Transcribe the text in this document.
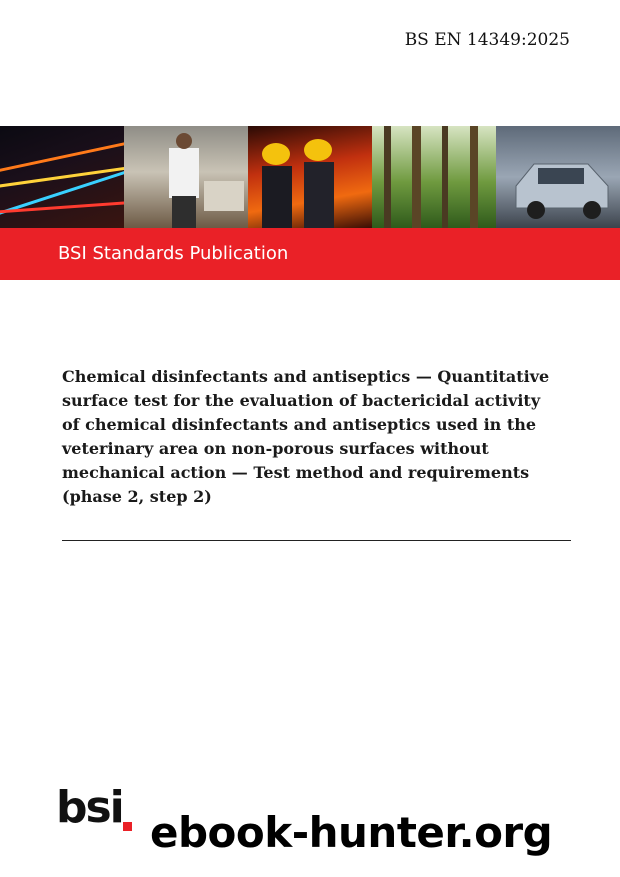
BS EN 14349:2025
BSI Standards Publication

Chemical disinfectants and antiseptics — Quantitative surface test for the evaluation of bactericidal activity of chemical disinfectants and antiseptics used in the veterinary area on non-porous surfaces without mechanical action — Test method and requirements (phase 2, step 2)

bsi ebook-hunter.org
